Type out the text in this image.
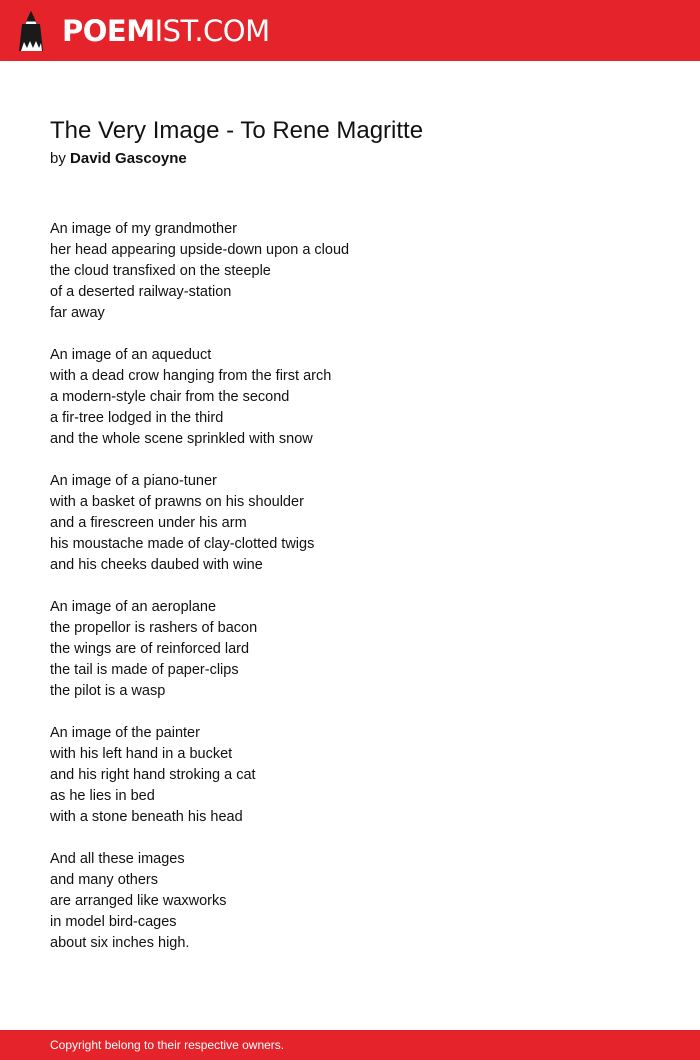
POEMIST.COM
The Very Image - To Rene Magritte
by David Gascoyne
An image of my grandmother
her head appearing upside-down upon a cloud
the cloud transfixed on the steeple
of a deserted railway-station
far away
An image of an aqueduct
with a dead crow hanging from the first arch
a modern-style chair from the second
a fir-tree lodged in the third
and the whole scene sprinkled with snow
An image of a piano-tuner
with a basket of prawns on his shoulder
and a firescreen under his arm
his moustache made of clay-clotted twigs
and his cheeks daubed with wine
An image of an aeroplane
the propellor is rashers of bacon
the wings are of reinforced lard
the tail is made of paper-clips
the pilot is a wasp
An image of the painter
with his left hand in a bucket
and his right hand stroking a cat
as he lies in bed
with a stone beneath his head
And all these images
and many others
are arranged like waxworks
in model bird-cages
about six inches high.
Copyright belong to their respective owners.
